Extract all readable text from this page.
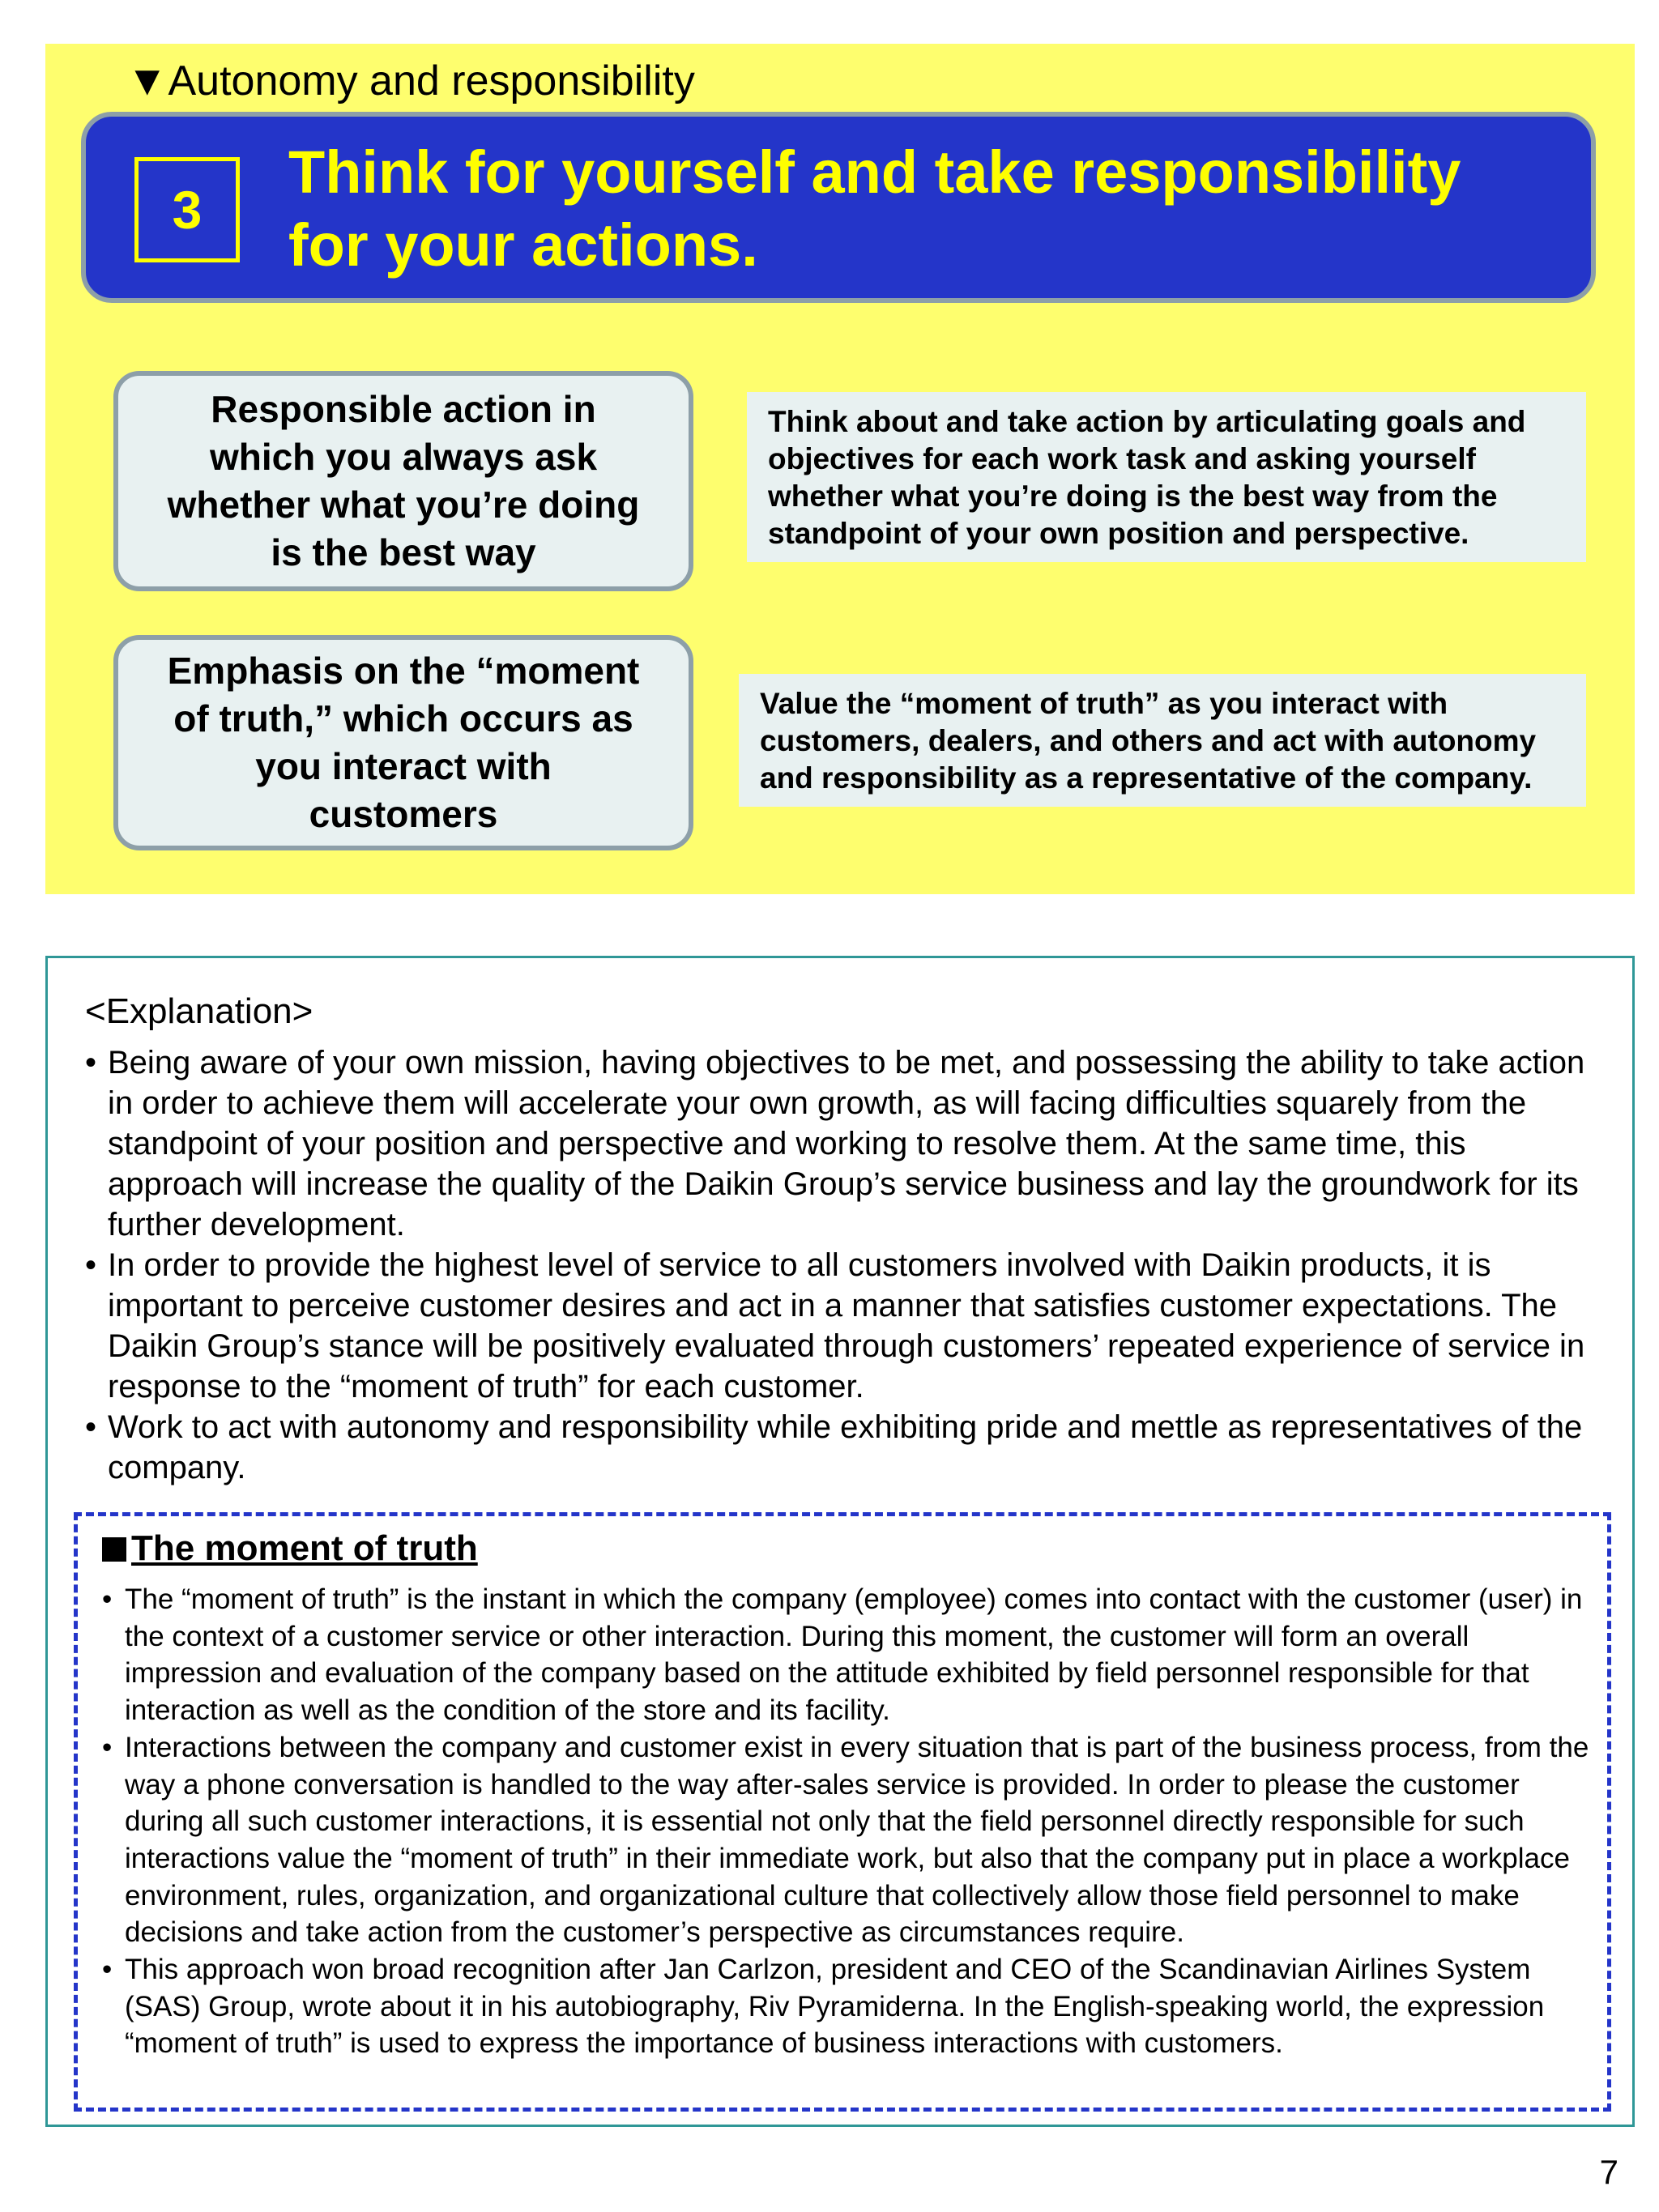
▼Autonomy and responsibility
3
Think for yourself and take responsibility
for your actions.
Responsible action in
which you always ask
whether what you’re doing
is the best way
Think about and take action by articulating goals and
objectives for each work task and asking yourself
whether what you’re doing is the best way from the
standpoint of your own position and perspective.
Emphasis on the “moment
of truth,” which occurs as
you interact with
customers
Value the “moment of truth” as you interact with
customers, dealers, and others and act with autonomy
and responsibility as a representative of the company.
<Explanation>
• Being aware of your own mission, having objectives to be met, and possessing the ability to take action in order to achieve them will accelerate your own growth, as will facing difficulties squarely from the standpoint of your position and perspective and working to resolve them. At the same time, this approach will increase the quality of the Daikin Group’s service business and lay the groundwork for its further development.
• In order to provide the highest level of service to all customers involved with Daikin products, it is important to perceive customer desires and act in a manner that satisfies customer expectations. The Daikin Group’s stance will be positively evaluated through customers’ repeated experience of service in response to the “moment of truth” for each customer.
• Work to act with autonomy and responsibility while exhibiting pride and mettle as representatives of the company.
The moment of truth
• The “moment of truth” is the instant in which the company (employee) comes into contact with the customer (user) in the context of a customer service or other interaction. During this moment, the customer will form an overall impression and evaluation of the company based on the attitude exhibited by field personnel responsible for that interaction as well as the condition of the store and its facility.
• Interactions between the company and customer exist in every situation that is part of the business process, from the way a phone conversation is handled to the way after-sales service is provided. In order to please the customer during all such customer interactions, it is essential not only that the field personnel directly responsible for such interactions value the “moment of truth” in their immediate work, but also that the company put in place a workplace environment, rules, organization, and organizational culture that collectively allow those field personnel to make decisions and take action from the customer’s perspective as circumstances require.
• This approach won broad recognition after Jan Carlzon, president and CEO of the Scandinavian Airlines System (SAS) Group, wrote about it in his autobiography, Riv Pyramiderna. In the English-speaking world, the expression “moment of truth” is used to express the importance of business interactions with customers.
7
